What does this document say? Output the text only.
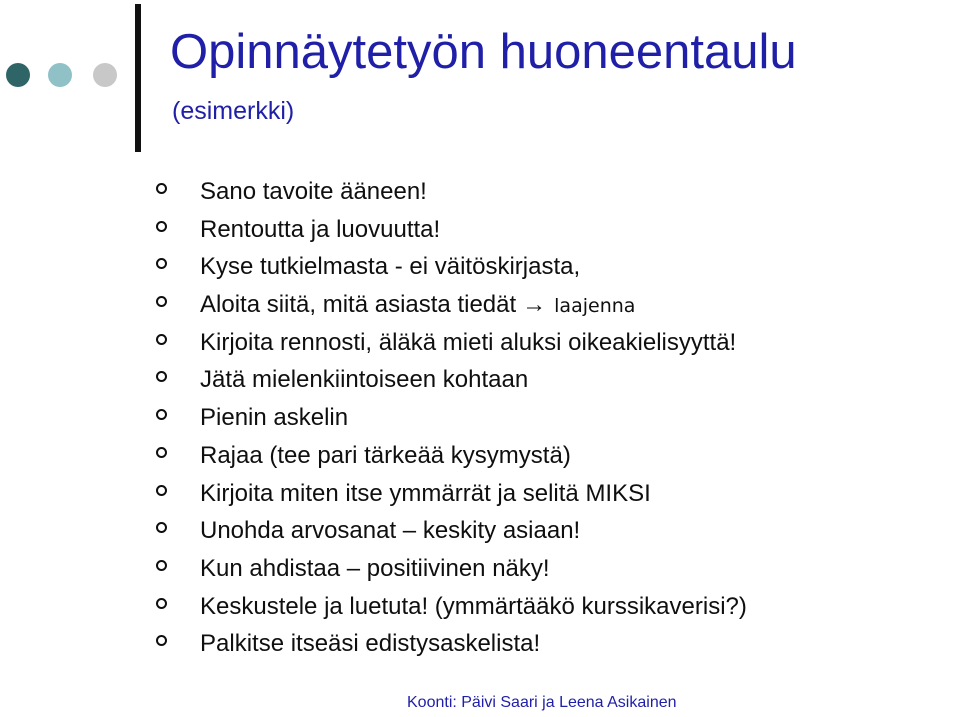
Opinnäytetyön huoneentaulu
(esimerkki)
Sano tavoite ääneen!
Rentoutta ja luovuutta!
Kyse tutkielmasta - ei väitöskirjasta,
Aloita siitä, mitä asiasta tiedät → laajenna
Kirjoita rennosti, äläkä mieti aluksi oikeakielisyyttä!
Jätä mielenkiintoiseen kohtaan
Pienin askelin
Rajaa (tee pari tärkeää kysymystä)
Kirjoita miten itse ymmärrät ja selitä MIKSI
Unohda arvosanat – keskity asiaan!
Kun ahdistaa – positiivinen näky!
Keskustele ja luetuta! (ymmärtääkö kurssikaverisi?)
Palkitse itseäsi edistysaskelista!
Koonti: Päivi Saari ja Leena Asikainen
